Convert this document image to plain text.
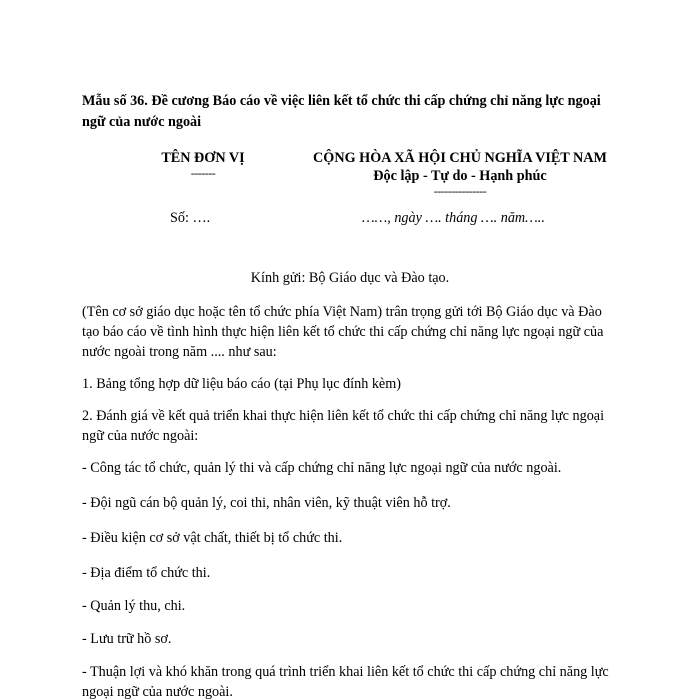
Mẫu số 36. Đề cương Báo cáo về việc liên kết tổ chức thi cấp chứng chỉ năng lực ngoại ngữ của nước ngoài
TÊN ĐƠN VỊ
-------
CỘNG HÒA XÃ HỘI CHỦ NGHĨA VIỆT NAM
Độc lập - Tự do - Hạnh phúc
---------------
Số: ….	……, ngày …. tháng …. năm…..
Kính gửi: Bộ Giáo dục và Đào tạo.
(Tên cơ sở giáo dục hoặc tên tổ chức phía Việt Nam) trân trọng gửi tới Bộ Giáo dục và Đào tạo báo cáo về tình hình thực hiện liên kết tổ chức thi cấp chứng chỉ năng lực ngoại ngữ của nước ngoài trong năm .... như sau:
1. Bảng tổng hợp dữ liệu báo cáo (tại Phụ lục đính kèm)
2. Đánh giá về kết quả triển khai thực hiện liên kết tổ chức thi cấp chứng chỉ năng lực ngoại ngữ của nước ngoài:
- Công tác tổ chức, quản lý thi và cấp chứng chỉ năng lực ngoại ngữ của nước ngoài.
- Đội ngũ cán bộ quản lý, coi thi, nhân viên, kỹ thuật viên hỗ trợ.
- Điều kiện cơ sở vật chất, thiết bị tổ chức thi.
- Địa điểm tổ chức thi.
- Quản lý thu, chi.
- Lưu trữ hồ sơ.
- Thuận lợi và khó khăn trong quá trình triển khai liên kết tổ chức thi cấp chứng chỉ năng lực ngoại ngữ của nước ngoài.
